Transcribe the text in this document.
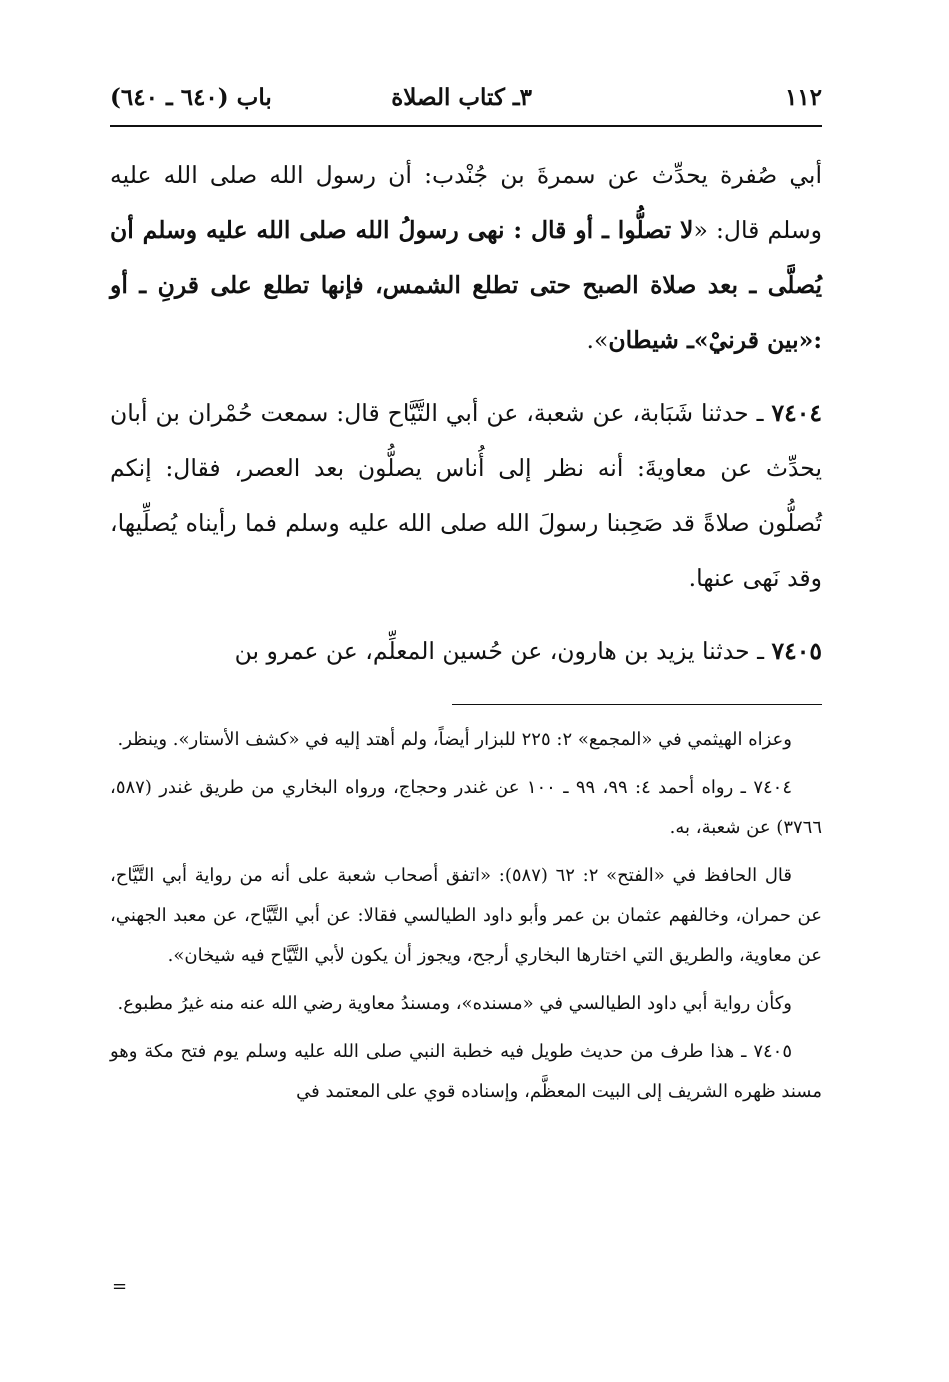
١١٢
٣ـ كتاب الصلاة
باب (٦٤٠ ـ ٦٤٠)

أبي صُفرة يحدِّث عن سمرةَ بن جُنْدب: أن رسول الله صلى الله عليه وسلم قال: «لا تصلُّوا ـ أو قال : نهى رسولُ الله صلى الله عليه وسلم أن يُصلَّى ـ بعد صلاة الصبح حتى تطلع الشمس، فإنها تطلع على قرنِ ـ أو :«بين قرنيْ»ـ شيطان».

٧٤٠٤ ـ حدثنا شَبَابة، عن شعبة، عن أبي التَّيَّاح قال: سمعت حُمْران بن أبان يحدِّث عن معاويةَ: أنه نظر إلى أُناس يصلُّون بعد العصر، فقال: إنكم تُصلُّون صلاةً قد صَحِبنا رسولَ الله صلى الله عليه وسلم فما رأيناه يُصلِّيها، وقد نَهى عنها.

٧٤٠٥ ـ حدثنا يزيد بن هارون، عن حُسين المعلِّم، عن عمرو بن

وعزاه الهيثمي في «المجمع» ٢: ٢٢٥ للبزار أيضاً، ولم أهتد إليه في «كشف الأستار». وينظر.

٧٤٠٤ ـ رواه أحمد ٤: ٩٩، ٩٩ ـ ١٠٠ عن غندر وحجاج، ورواه البخاري من طريق غندر (٥٨٧، ٣٧٦٦) عن شعبة، به.

قال الحافظ في «الفتح» ٢: ٦٢ (٥٨٧): «اتفق أصحاب شعبة على أنه من رواية أبي التَّيَّاح، عن حمران، وخالفهم عثمان بن عمر وأبو داود الطيالسي فقالا: عن أبي التَّيَّاح، عن معبد الجهني، عن معاوية، والطريق التي اختارها البخاري أرجح، ويجوز أن يكون لأبي التَّيَّاح فيه شيخان».

وكأن رواية أبي داود الطيالسي في «مسنده»، ومسندُ معاوية رضي الله عنه منه غيرُ مطبوع.

٧٤٠٥ ـ هذا طرف من حديث طويل فيه خطبة النبي صلى الله عليه وسلم يوم فتح مكة وهو مسند ظهره الشريف إلى البيت المعظَّم، وإسناده قوي على المعتمد في

=
